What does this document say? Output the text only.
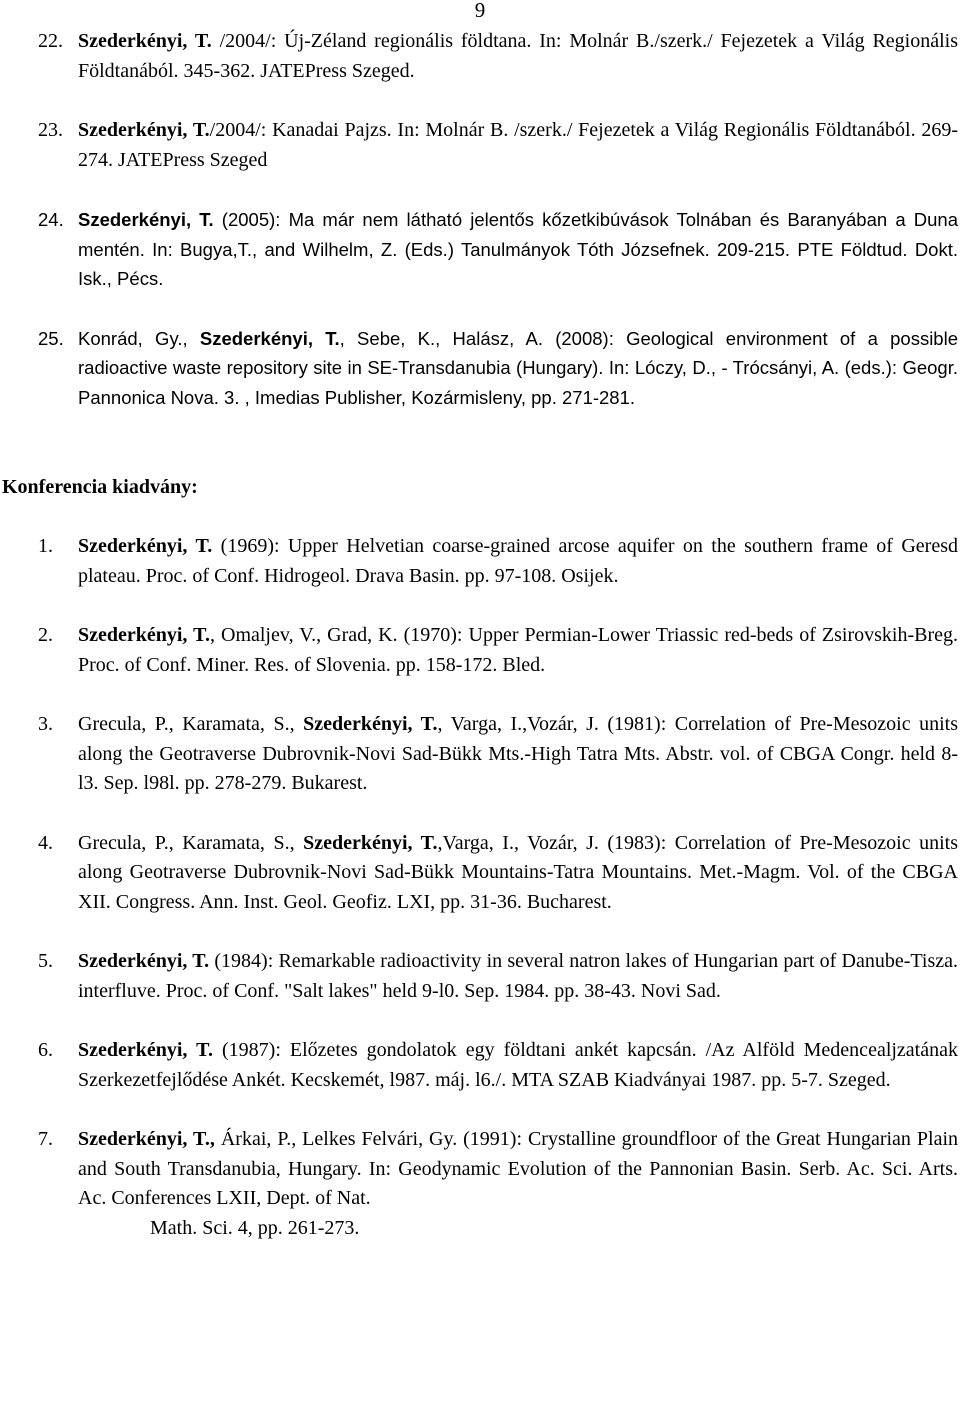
9
22. Szederkényi, T. /2004/: Új-Zéland regionális földtana. In: Molnár B./szerk./ Fejezetek a Világ Regionális Földtanából. 345-362. JATEPress Szeged.
23. Szederkényi, T./2004/: Kanadai Pajzs. In: Molnár B. /szerk./ Fejezetek a Világ Regionális Földtanából. 269-274. JATEPress Szeged
24. Szederkényi, T. (2005): Ma már nem látható jelentős kőzetkibúvások Tolnában és Baranyában a Duna mentén. In: Bugya,T., and Wilhelm, Z. (Eds.) Tanulmányok Tóth Józsefnek. 209-215. PTE Földtud. Dokt. Isk., Pécs.
25. Konrád, Gy., Szederkényi, T., Sebe, K., Halász, A. (2008): Geological environment of a possible radioactive waste repository site in SE-Transdanubia (Hungary). In: Lóczy, D., - Trócsányi, A. (eds.): Geogr. Pannonica Nova. 3. , Imedias Publisher, Kozármisleny, pp. 271-281.
Konferencia kiadvány:
1.	Szederkényi, T. (1969): Upper Helvetian coarse-grained arcose aquifer on the southern frame of Geresd plateau. Proc. of Conf. Hidrogeol. Drava Basin. pp. 97-108. Osijek.
2.	Szederkényi, T., Omaljev, V., Grad, K. (1970): Upper Permian-Lower Triassic red-beds of Zsirovskih-Breg. Proc. of Conf. Miner. Res. of Slovenia. pp. 158-172. Bled.
3.	Grecula, P., Karamata, S., Szederkényi, T., Varga, I.,Vozár, J. (1981): Correlation of Pre-Mesozoic units along the Geotraverse Dubrovnik-Novi Sad-Bükk Mts.-High Tatra Mts. Abstr. vol. of CBGA Congr. held 8-l3. Sep. l98l. pp. 278-279. Bukarest.
4.	Grecula, P., Karamata, S., Szederkényi, T.,Varga, I., Vozár, J. (1983): Correlation of Pre-Mesozoic units along Geotraverse Dubrovnik-Novi Sad-Bükk Mountains-Tatra Mountains. Met.-Magm. Vol. of the CBGA XII. Congress. Ann. Inst. Geol. Geofiz. LXI, pp. 31-36. Bucharest.
5.	Szederkényi, T. (1984): Remarkable radioactivity in several natron lakes of Hungarian part of Danube-Tisza. interfluve. Proc. of Conf. "Salt lakes" held 9-l0. Sep. 1984. pp. 38-43. Novi Sad.
6.	Szederkényi, T. (1987): Előzetes gondolatok egy földtani ankét kapcsán. /Az Alföld Medencealjzatának Szerkezetfejlődése Ankét. Kecskemét, l987. máj. l6./. MTA SZAB Kiadványai 1987. pp. 5-7. Szeged.
7.	Szederkényi, T., Árkai, P., Lelkes Felvári, Gy. (1991): Crystalline groundfloor of the Great Hungarian Plain and South Transdanubia, Hungary. In: Geodynamic Evolution of the Pannonian Basin. Serb. Ac. Sci. Arts. Ac. Conferences LXII, Dept. of Nat.
Math. Sci. 4, pp. 261-273.
